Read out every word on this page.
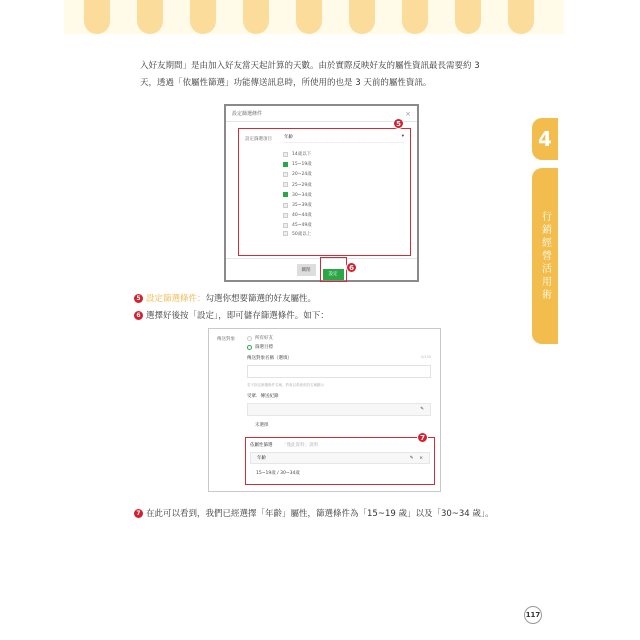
入好友期間」是由加入好友當天起計算的天數。由於實際反映好友的屬性資訊最長需要約 3
天，透過「依屬性篩選」功能傳送訊息時，所使用的也是 3 天前的屬性資訊。
4
行銷經營活用術
設定篩選條件	×
設定篩選項目	年齡	▾
14歲以下
15~19歲
20~24歲
25~29歲
30~34歲
35~39歲
40~44歲
45~49歲
50歲以上
關閉
設定
5
6
5 設定篩選條件： 勾選你想要篩選的好友屬性。
6 選擇好後按「設定」，即可儲存篩選條件。如下：
傳送對象	所有好友
篩選目標
傳送對象名稱（選填）	0/100
若不指定篩選條件名稱，將會以系統預設名稱顯示
受眾．傳送紀錄
✎
未選擇
依屬性篩選 「僅此資料」說明
年齡	✎ ×
15~19歲 / 30~34歲
7
7 在此可以看到，我們已經選擇「年齡」屬性，篩選條件為「15~19 歲」以及「30~34 歲」。
117
